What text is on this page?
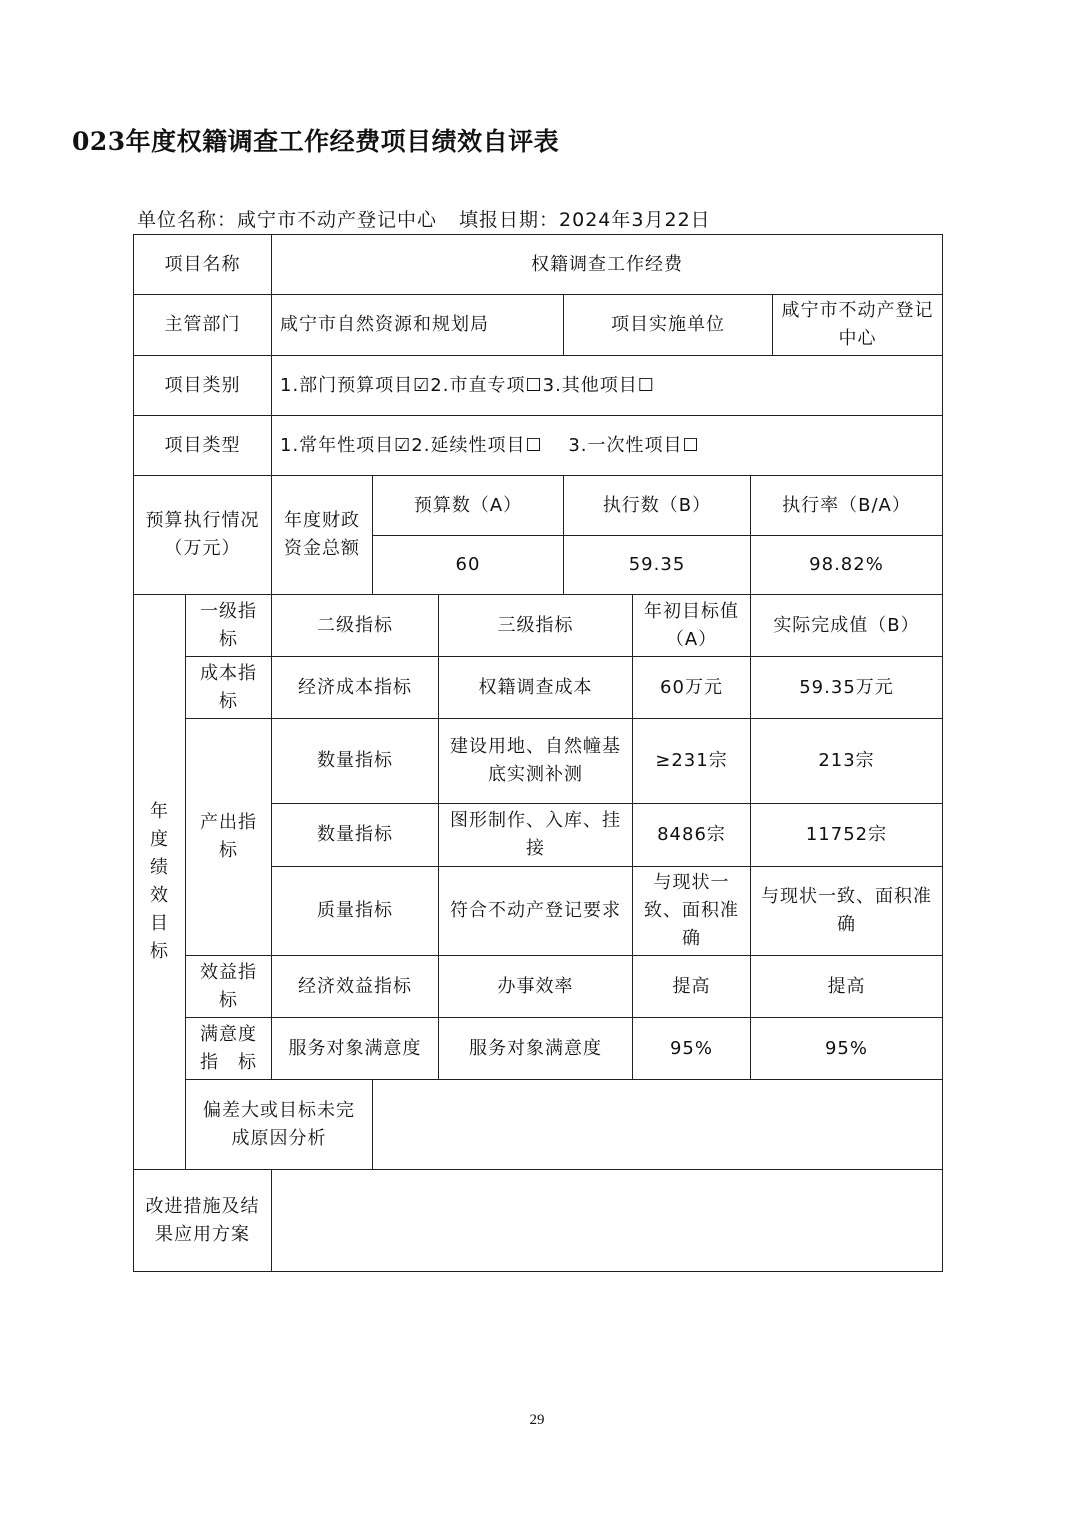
023年度权籍调查工作经费项目绩效自评表
单位名称：咸宁市不动产登记中心 填报日期：2024年3月22日
项目名称		权籍调查工作经费						
主管部门		咸宁市自然资源和规划局			项目实施单位			咸宁市不动产登记中心
项目类别		1.部门预算项目☑2.市直专项☐3.其他项目☐						
项目类型		1.常年性项目☑2.延续性项目☐　 3.一次性项目☐						
预算执行情况（万元）		年度财政资金总额	预算数（A）		执行数（B）		执行率（B/A）	
			60		59.35		98.82%	
年度绩效目标	一级指标	二级指标		三级指标		年初目标值（A）	实际完成值（B）	
	成本指标	经济成本指标		权籍调查成本		60万元	59.35万元	
	产出指标	数量指标		建设用地、自然幢基底实测补测		≥231宗	213宗	
		数量指标		图形制作、入库、挂接		8486宗	11752宗	
		质量指标		符合不动产登记要求		与现状一致、面积准确	与现状一致、面积准确	
	效益指标	经济效益指标		办事效率		提高	提高	
	满意度指　标	服务对象满意度		服务对象满意度		95%	95%	
	偏差大或目标未完成原因分析							
改进措施及结果应用方案								
29
